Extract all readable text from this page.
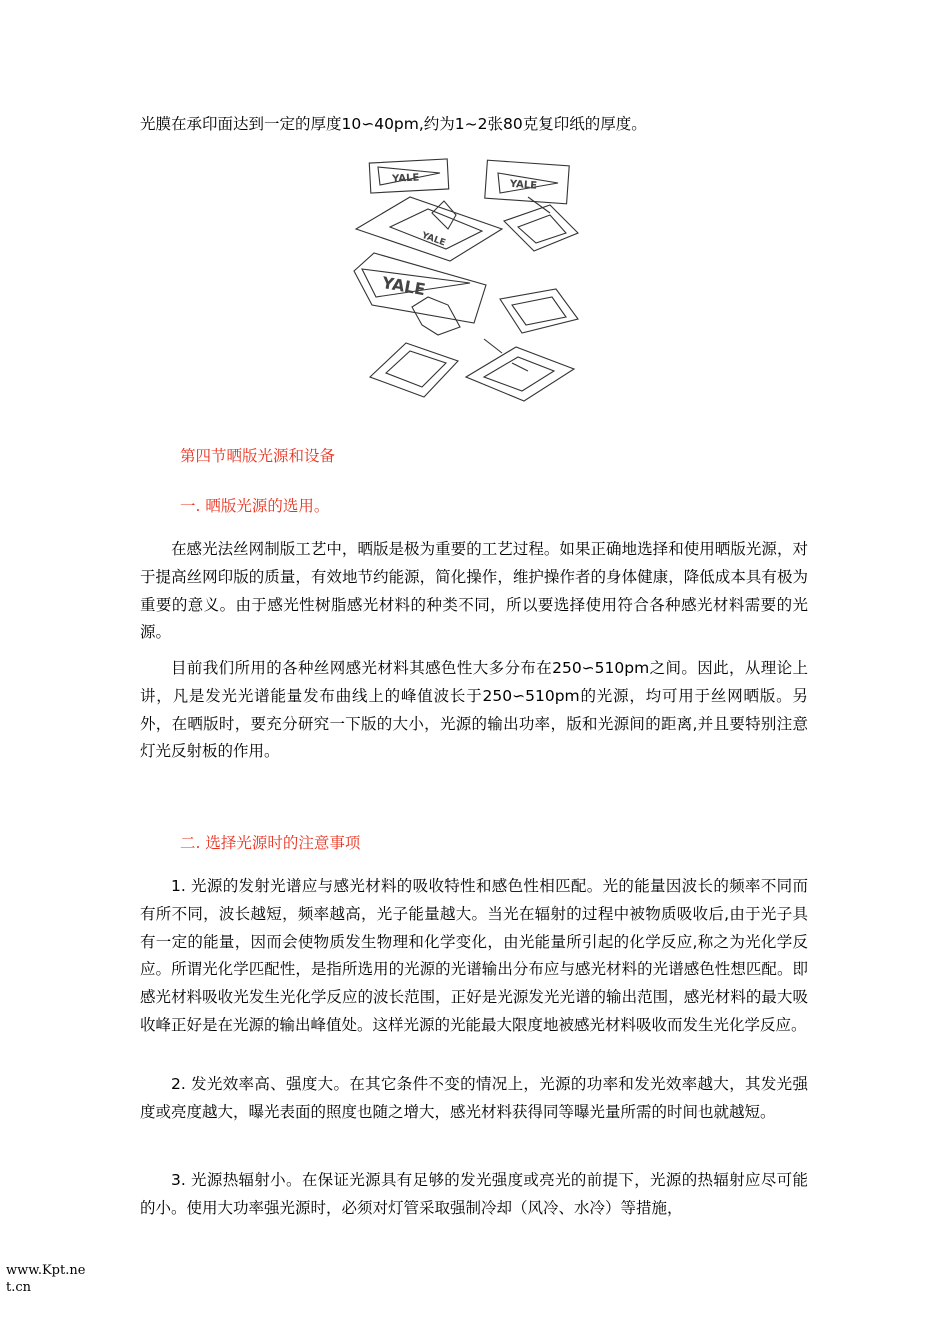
光膜在承印面达到一定的厚度10∽40pm,约为1~2张80克复印纸的厚度。
YALE
YALE
YALE
YALE
第四节晒版光源和设备
一. 晒版光源的选用。
在感光法丝网制版工艺中，晒版是极为重要的工艺过程。如果正确地选择和使用晒版光源，对于提高丝网印版的质量，有效地节约能源，简化操作，维护操作者的身体健康，降低成本具有极为重要的意义。由于感光性树脂感光材料的种类不同，所以要选择使用符合各种感光材料需要的光源。
目前我们所用的各种丝网感光材料其感色性大多分布在250∽510pm之间。因此，从理论上讲，凡是发光光谱能量发布曲线上的峰值波长于250∽510pm的光源，均可用于丝网晒版。另外，在晒版时，要充分研究一下版的大小，光源的输出功率，版和光源间的距离,并且要特别注意灯光反射板的作用。
二. 选择光源时的注意事项
1. 光源的发射光谱应与感光材料的吸收特性和感色性相匹配。光的能量因波长的频率不同而有所不同，波长越短，频率越高，光子能量越大。当光在辐射的过程中被物质吸收后,由于光子具有一定的能量，因而会使物质发生物理和化学变化，由光能量所引起的化学反应,称之为光化学反应。所谓光化学匹配性，是指所选用的光源的光谱输出分布应与感光材料的光谱感色性想匹配。即感光材料吸收光发生光化学反应的波长范围，正好是光源发光光谱的输出范围，感光材料的最大吸收峰正好是在光源的输出峰值处。这样光源的光能最大限度地被感光材料吸收而发生光化学反应。
2. 发光效率高、强度大。在其它条件不变的情况上，光源的功率和发光效率越大，其发光强度或亮度越大，曝光表面的照度也随之增大，感光材料获得同等曝光量所需的时间也就越短。
3. 光源热辐射小。在保证光源具有足够的发光强度或亮光的前提下，光源的热辐射应尽可能的小。使用大功率强光源时，必须对灯管采取强制冷却（风冷、水冷）等措施，
www.Kpt.net.cn
